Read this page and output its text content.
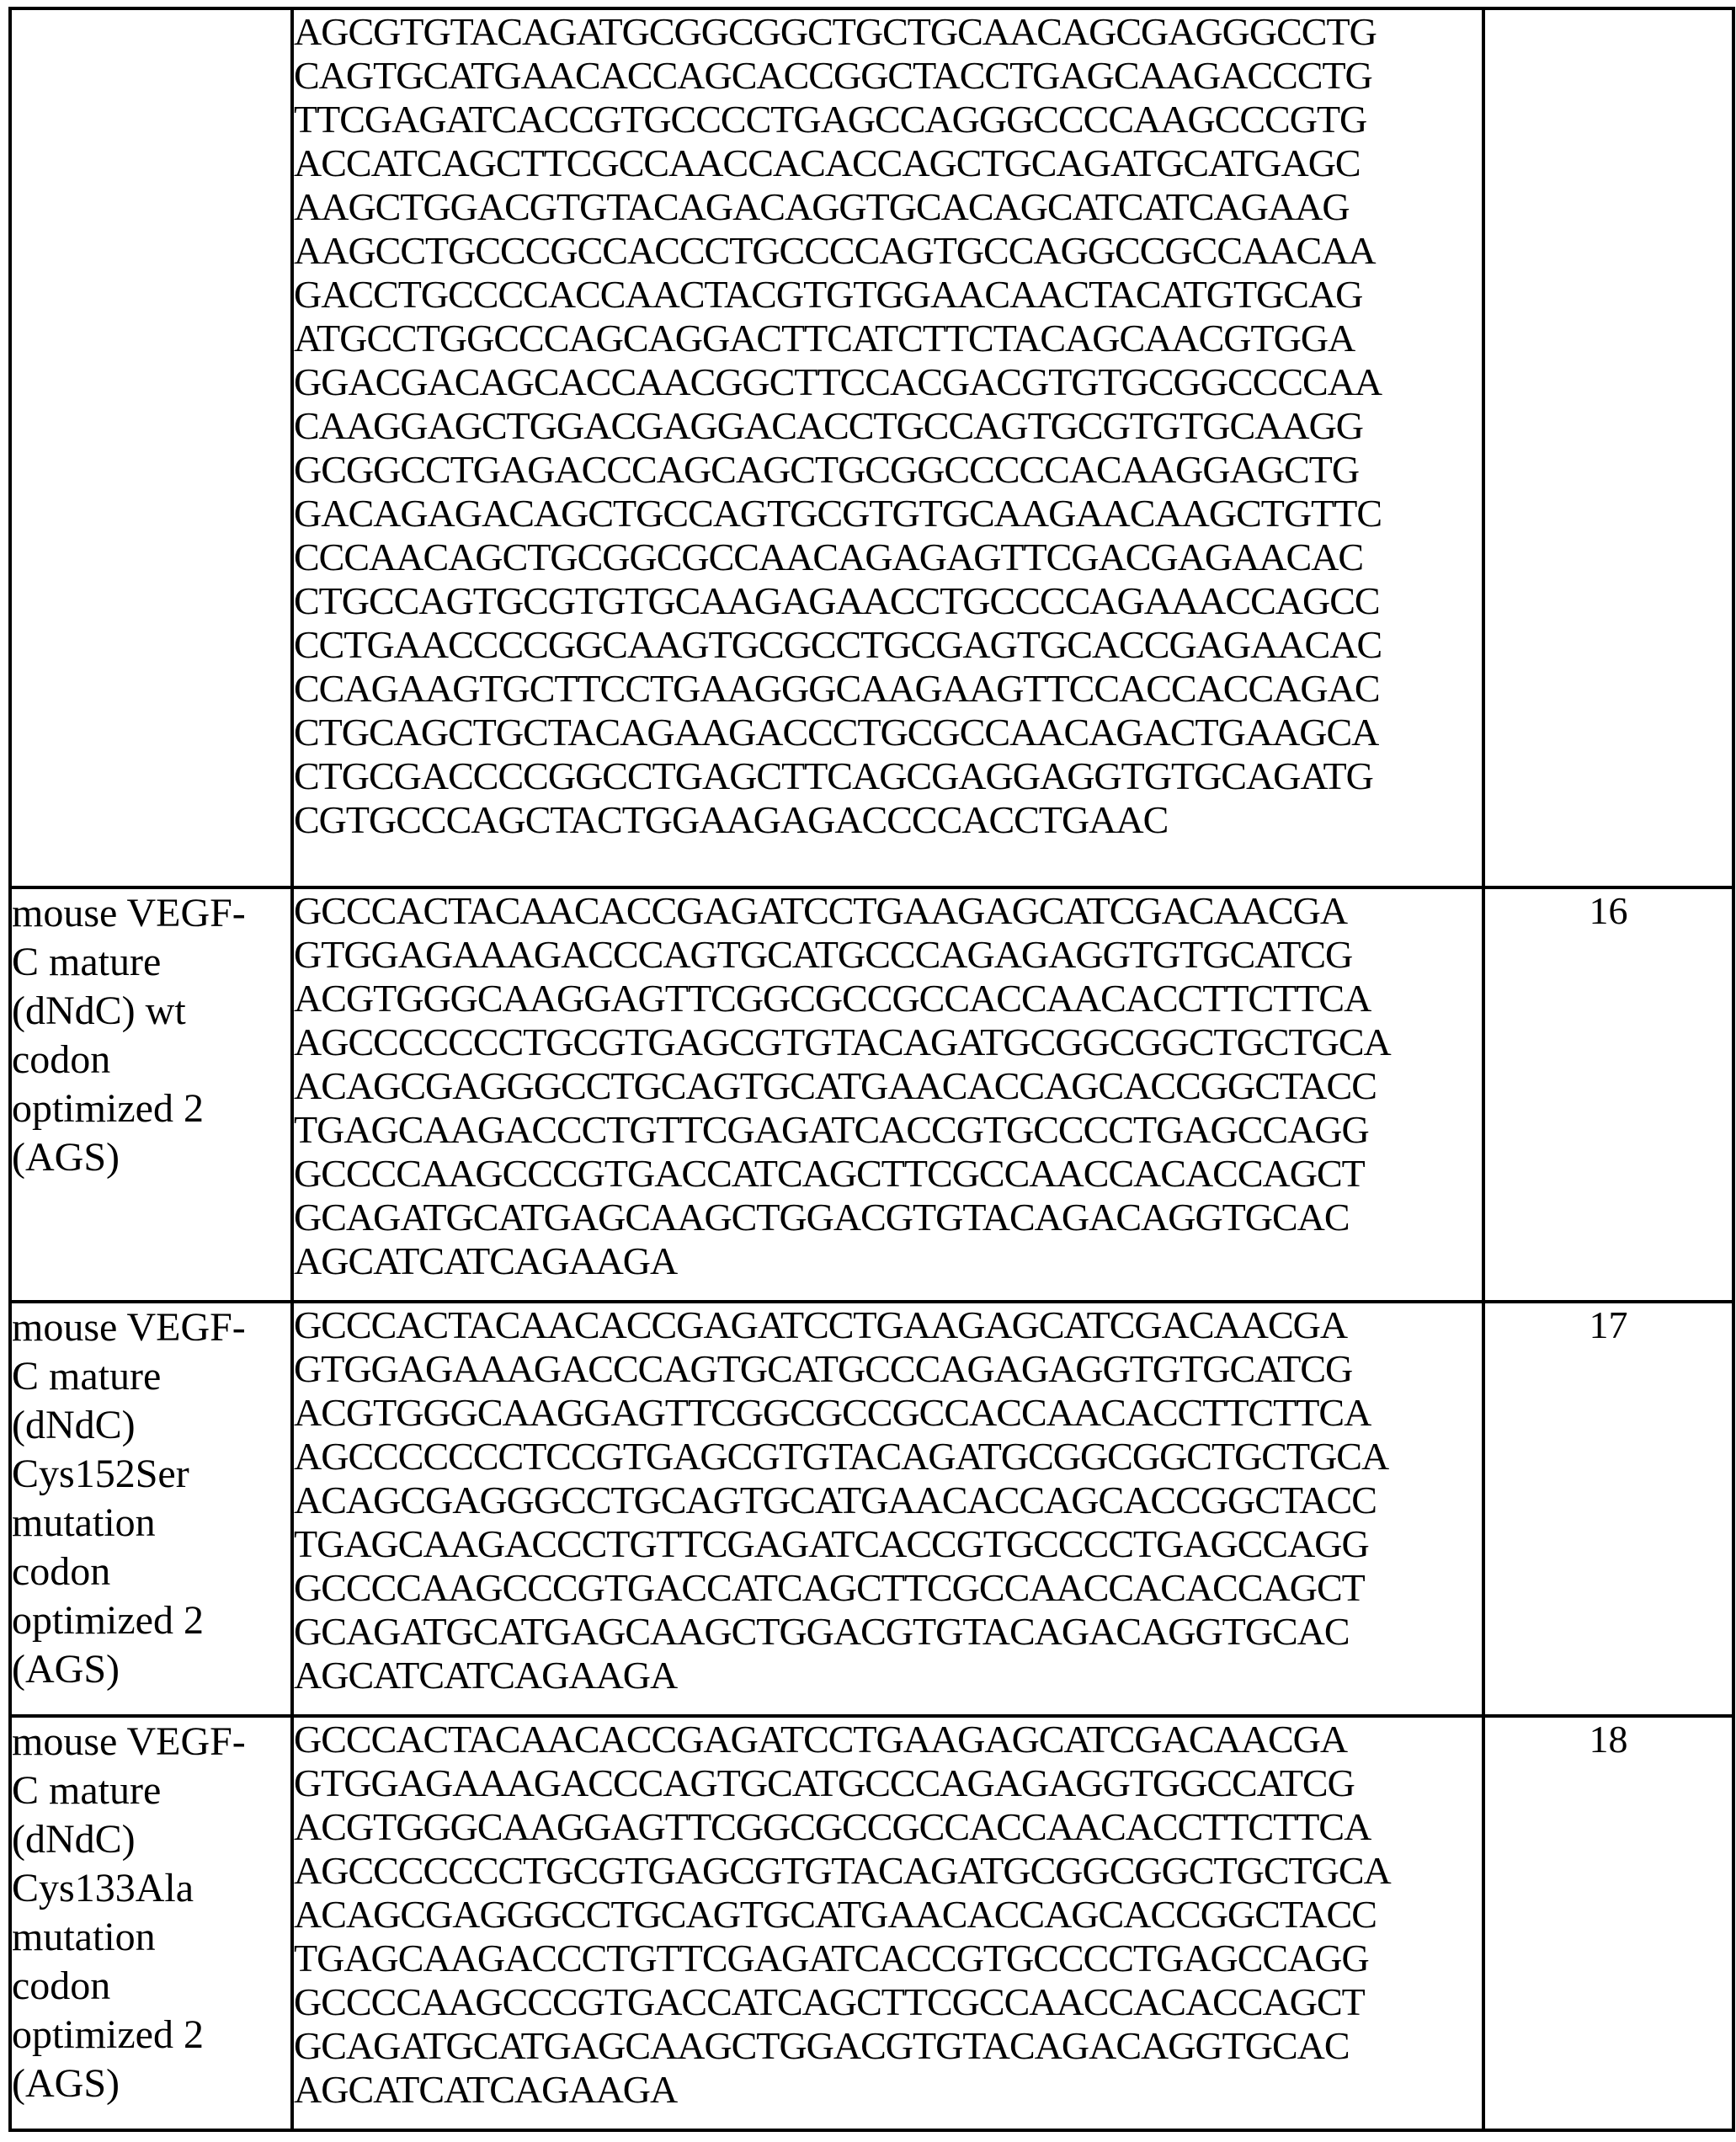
AGCGTGTACAGATGCGGCGGCTGCTGCAACAGCGAGGGCCTG
CAGTGCATGAACACCAGCACCGGCTACCTGAGCAAGACCCTG
TTCGAGATCACCGTGCCCCTGAGCCAGGGCCCCAAGCCCGTG
ACCATCAGCTTCGCCAACCACACCAGCTGCAGATGCATGAGC
AAGCTGGACGTGTACAGACAGGTGCACAGCATCATCAGAAG
AAGCCTGCCCGCCACCCTGCCCCAGTGCCAGGCCGCCAACAA
GACCTGCCCCACCAACTACGTGTGGAACAACTACATGTGCAG
ATGCCTGGCCCAGCAGGACTTCATCTTCTACAGCAACGTGGA
GGACGACAGCACCAACGGCTTCCACGACGTGTGCGGCCCCAA
CAAGGAGCTGGACGAGGACACCTGCCAGTGCGTGTGCAAGG
GCGGCCTGAGACCCAGCAGCTGCGGCCCCCACAAGGAGCTG
GACAGAGACAGCTGCCAGTGCGTGTGCAAGAACAAGCTGTTC
CCCAACAGCTGCGGCGCCAACAGAGAGTTCGACGAGAACAC
CTGCCAGTGCGTGTGCAAGAGAACCTGCCCCAGAAACCAGCC
CCTGAACCCCGGCAAGTGCGCCTGCGAGTGCACCGAGAACAC
CCAGAAGTGCTTCCTGAAGGGCAAGAAGTTCCACCACCAGAC
CTGCAGCTGCTACAGAAGACCCTGCGCCAACAGACTGAAGCA
CTGCGACCCCGGCCTGAGCTTCAGCGAGGAGGTGTGCAGATG
CGTGCCCAGCTACTGGAAGAGACCCCACCTGAAC

mouse VEGF-
C mature
(dNdC) wt
codon
optimized 2
(AGS)

GCCCACTACAACACCGAGATCCTGAAGAGCATCGACAACGA
GTGGAGAAAGACCCAGTGCATGCCCAGAGAGGTGTGCATCG
ACGTGGGCAAGGAGTTCGGCGCCGCCACCAACACCTTCTTCA
AGCCCCCCCTGCGTGAGCGTGTACAGATGCGGCGGCTGCTGCA
ACAGCGAGGGCCTGCAGTGCATGAACACCAGCACCGGCTACC
TGAGCAAGACCCTGTTCGAGATCACCGTGCCCCTGAGCCAGG
GCCCCAAGCCCGTGACCATCAGCTTCGCCAACCACACCAGCT
GCAGATGCATGAGCAAGCTGGACGTGTACAGACAGGTGCAC
AGCATCATCAGAAGA
	16

mouse VEGF-
C mature
(dNdC)
Cys152Ser
mutation
codon
optimized 2
(AGS)

GCCCACTACAACACCGAGATCCTGAAGAGCATCGACAACGA
GTGGAGAAAGACCCAGTGCATGCCCAGAGAGGTGTGCATCG
ACGTGGGCAAGGAGTTCGGCGCCGCCACCAACACCTTCTTCA
AGCCCCCCCTCCGTGAGCGTGTACAGATGCGGCGGCTGCTGCA
ACAGCGAGGGCCTGCAGTGCATGAACACCAGCACCGGCTACC
TGAGCAAGACCCTGTTCGAGATCACCGTGCCCCTGAGCCAGG
GCCCCAAGCCCGTGACCATCAGCTTCGCCAACCACACCAGCT
GCAGATGCATGAGCAAGCTGGACGTGTACAGACAGGTGCAC
AGCATCATCAGAAGA
	17

mouse VEGF-
C mature
(dNdC)
Cys133Ala
mutation
codon
optimized 2
(AGS)

GCCCACTACAACACCGAGATCCTGAAGAGCATCGACAACGA
GTGGAGAAAGACCCAGTGCATGCCCAGAGAGGTGGCCATCG
ACGTGGGCAAGGAGTTCGGCGCCGCCACCAACACCTTCTTCA
AGCCCCCCCTGCGTGAGCGTGTACAGATGCGGCGGCTGCTGCA
ACAGCGAGGGCCTGCAGTGCATGAACACCAGCACCGGCTACC
TGAGCAAGACCCTGTTCGAGATCACCGTGCCCCTGAGCCAGG
GCCCCAAGCCCGTGACCATCAGCTTCGCCAACCACACCAGCT
GCAGATGCATGAGCAAGCTGGACGTGTACAGACAGGTGCAC
AGCATCATCAGAAGA
	18
